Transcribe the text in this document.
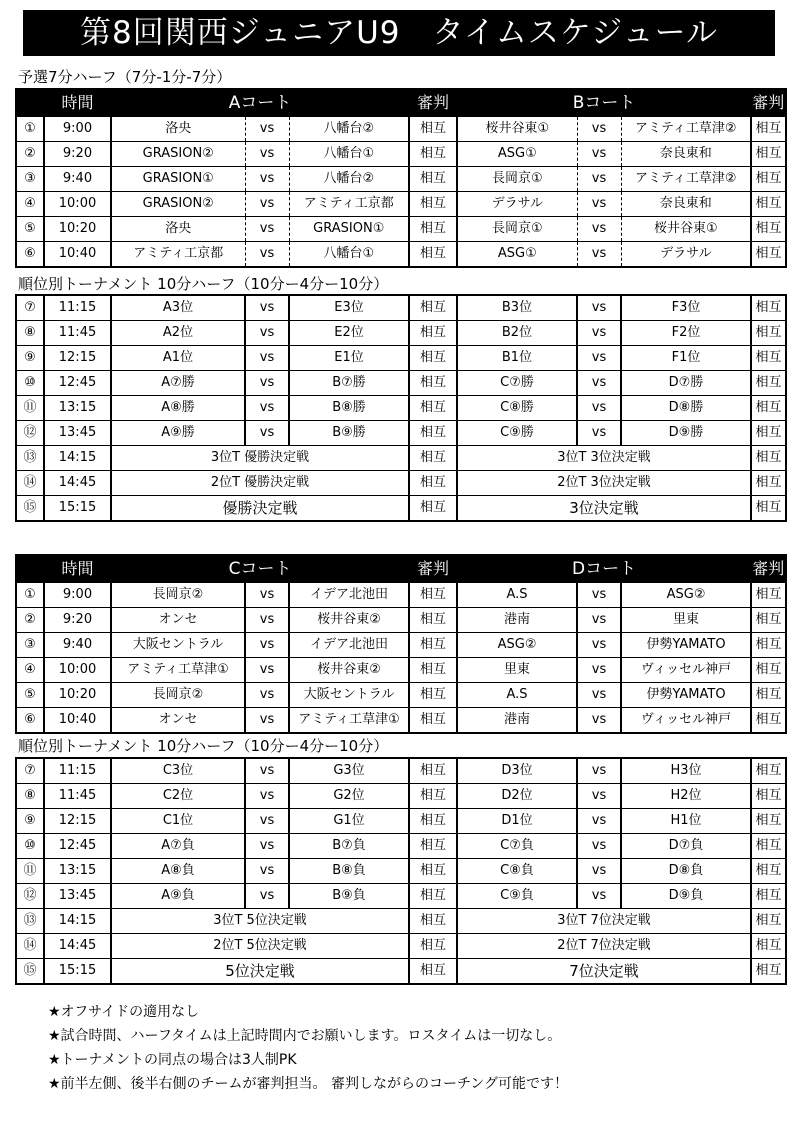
第8回関西ジュニアU9　タイムスケジュール
予選7分ハーフ（7分-1分-7分）
	時間	Aコート			審判	Bコート			審判
①	9:00	洛央	vs	八幡台②	相互	桜井谷東①	vs	アミティ工草津②	相互
②	9:20	GRASION②	vs	八幡台①	相互	ASG①	vs	奈良東和	相互
③	9:40	GRASION①	vs	八幡台②	相互	長岡京①	vs	アミティ工草津②	相互
④	10:00	GRASION②	vs	アミティ工京都	相互	デラサル	vs	奈良東和	相互
⑤	10:20	洛央	vs	GRASION①	相互	長岡京①	vs	桜井谷東①	相互
⑥	10:40	アミティ工京都	vs	八幡台①	相互	ASG①	vs	デラサル	相互
順位別トーナメント 10分ハーフ（10分ー4分ー10分）
⑦	11:15	A3位	vs	E3位	相互	B3位	vs	F3位	相互
⑧	11:45	A2位	vs	E2位	相互	B2位	vs	F2位	相互
⑨	12:15	A1位	vs	E1位	相互	B1位	vs	F1位	相互
⑩	12:45	A⑦勝	vs	B⑦勝	相互	C⑦勝	vs	D⑦勝	相互
⑪	13:15	A⑧勝	vs	B⑧勝	相互	C⑧勝	vs	D⑧勝	相互
⑫	13:45	A⑨勝	vs	B⑨勝	相互	C⑨勝	vs	D⑨勝	相互
⑬	14:15	3位T 優勝決定戦			相互	3位T 3位決定戦			相互
⑭	14:45	2位T 優勝決定戦			相互	2位T 3位決定戦			相互
⑮	15:15	優勝決定戦			相互	3位決定戦			相互
	時間	Cコート			審判	Dコート			審判
①	9:00	長岡京②	vs	イデア北池田	相互	A.S	vs	ASG②	相互
②	9:20	オンセ	vs	桜井谷東②	相互	港南	vs	里東	相互
③	9:40	大阪セントラル	vs	イデア北池田	相互	ASG②	vs	伊勢YAMATO	相互
④	10:00	アミティ工草津①	vs	桜井谷東②	相互	里東	vs	ヴィッセル神戸	相互
⑤	10:20	長岡京②	vs	大阪セントラル	相互	A.S	vs	伊勢YAMATO	相互
⑥	10:40	オンセ	vs	アミティ工草津①	相互	港南	vs	ヴィッセル神戸	相互
順位別トーナメント 10分ハーフ（10分ー4分ー10分）
⑦	11:15	C3位	vs	G3位	相互	D3位	vs	H3位	相互
⑧	11:45	C2位	vs	G2位	相互	D2位	vs	H2位	相互
⑨	12:15	C1位	vs	G1位	相互	D1位	vs	H1位	相互
⑩	12:45	A⑦負	vs	B⑦負	相互	C⑦負	vs	D⑦負	相互
⑪	13:15	A⑧負	vs	B⑧負	相互	C⑧負	vs	D⑧負	相互
⑫	13:45	A⑨負	vs	B⑨負	相互	C⑨負	vs	D⑨負	相互
⑬	14:15	3位T 5位決定戦			相互	3位T 7位決定戦			相互
⑭	14:45	2位T 5位決定戦			相互	2位T 7位決定戦			相互
⑮	15:15	5位決定戦			相互	7位決定戦			相互
★オフサイドの適用なし
★試合時間、ハーフタイムは上記時間内でお願いします。ロスタイムは一切なし。
★トーナメントの同点の場合は3人制PK
★前半左側、後半右側のチームが審判担当。 審判しながらのコーチング可能です！
